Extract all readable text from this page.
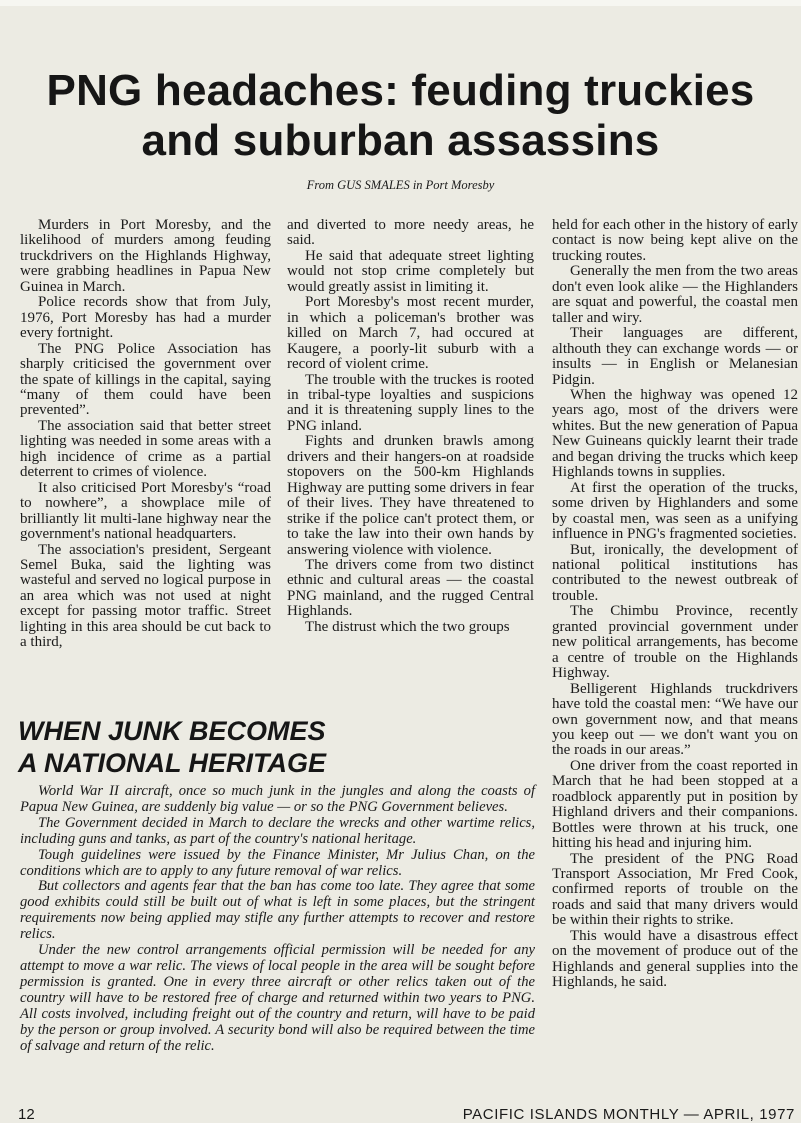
PNG headaches: feuding truckies
and suburban assassins
From GUS SMALES in Port Moresby

Murders in Port Moresby, and the likelihood of murders among feuding truckdrivers on the Highlands Highway, were grabbing headlines in Papua New Guinea in March.

Police records show that from July, 1976, Port Moresby has had a murder every fortnight.

The PNG Police Association has sharply criticised the government over the spate of killings in the capital, saying “many of them could have been prevented”.

The association said that better street lighting was needed in some areas with a high incidence of crime as a partial deterrent to crimes of violence.

It also criticised Port Moresby's “road to nowhere”, a showplace mile of brilliantly lit multi-lane highway near the government's national headquarters.

The association's president, Sergeant Semel Buka, said the lighting was wasteful and served no logical purpose in an area which was not used at night except for passing motor traffic. Street lighting in this area should be cut back to a third,

and diverted to more needy areas, he said.

He said that adequate street lighting would not stop crime completely but would greatly assist in limiting it.

Port Moresby's most recent murder, in which a policeman's brother was killed on March 7, had occured at Kaugere, a poorly-lit suburb with a record of violent crime.

The trouble with the truckes is rooted in tribal-type loyalties and suspicions and it is threatening supply lines to the PNG inland.

Fights and drunken brawls among drivers and their hangers-on at roadside stopovers on the 500-km Highlands Highway are putting some drivers in fear of their lives. They have threatened to strike if the police can't protect them, or to take the law into their own hands by answering violence with violence.

The drivers come from two distinct ethnic and cultural areas — the coastal PNG mainland, and the rugged Central Highlands.

The distrust which the two groups

held for each other in the history of early contact is now being kept alive on the trucking routes.

Generally the men from the two areas don't even look alike — the Highlanders are squat and powerful, the coastal men taller and wiry.

Their languages are different, althouth they can exchange words — or insults — in English or Melanesian Pidgin.

When the highway was opened 12 years ago, most of the drivers were whites. But the new generation of Papua New Guineans quickly learnt their trade and began driving the trucks which keep Highlands towns in supplies.

At first the operation of the trucks, some driven by Highlanders and some by coastal men, was seen as a unifying influence in PNG's fragmented societies.

But, ironically, the development of national political institutions has contributed to the newest outbreak of trouble.

The Chimbu Province, recently granted provincial government under new political arrangements, has become a centre of trouble on the Highlands Highway.

Belligerent Highlands truckdrivers have told the coastal men: “We have our own government now, and that means you keep out — we don't want you on the roads in our areas.”

One driver from the coast reported in March that he had been stopped at a roadblock apparently put in position by Highland drivers and their companions. Bottles were thrown at his truck, one hitting his head and injuring him.

The president of the PNG Road Transport Association, Mr Fred Cook, confirmed reports of trouble on the roads and said that many drivers would be within their rights to strike.

This would have a disastrous effect on the movement of produce out of the Highlands and general supplies into the Highlands, he said.

WHEN JUNK BECOMES
A NATIONAL HERITAGE

World War II aircraft, once so much junk in the jungles and along the coasts of Papua New Guinea, are suddenly big value — or so the PNG Government believes.

The Government decided in March to declare the wrecks and other wartime relics, including guns and tanks, as part of the country's national heritage.

Tough guidelines were issued by the Finance Minister, Mr Julius Chan, on the conditions which are to apply to any future removal of war relics.

But collectors and agents fear that the ban has come too late. They agree that some good exhibits could still be built out of what is left in some places, but the stringent requirements now being applied may stifle any further attempts to recover and restore relics.

Under the new control arrangements official permission will be needed for any attempt to move a war relic. The views of local people in the area will be sought before permission is granted. One in every three aircraft or other relics taken out of the country will have to be restored free of charge and returned within two years to PNG. All costs involved, including freight out of the country and return, will have to be paid by the person or group involved. A security bond will also be required between the time of salvage and return of the relic.

12	PACIFIC ISLANDS MONTHLY — APRIL, 1977
